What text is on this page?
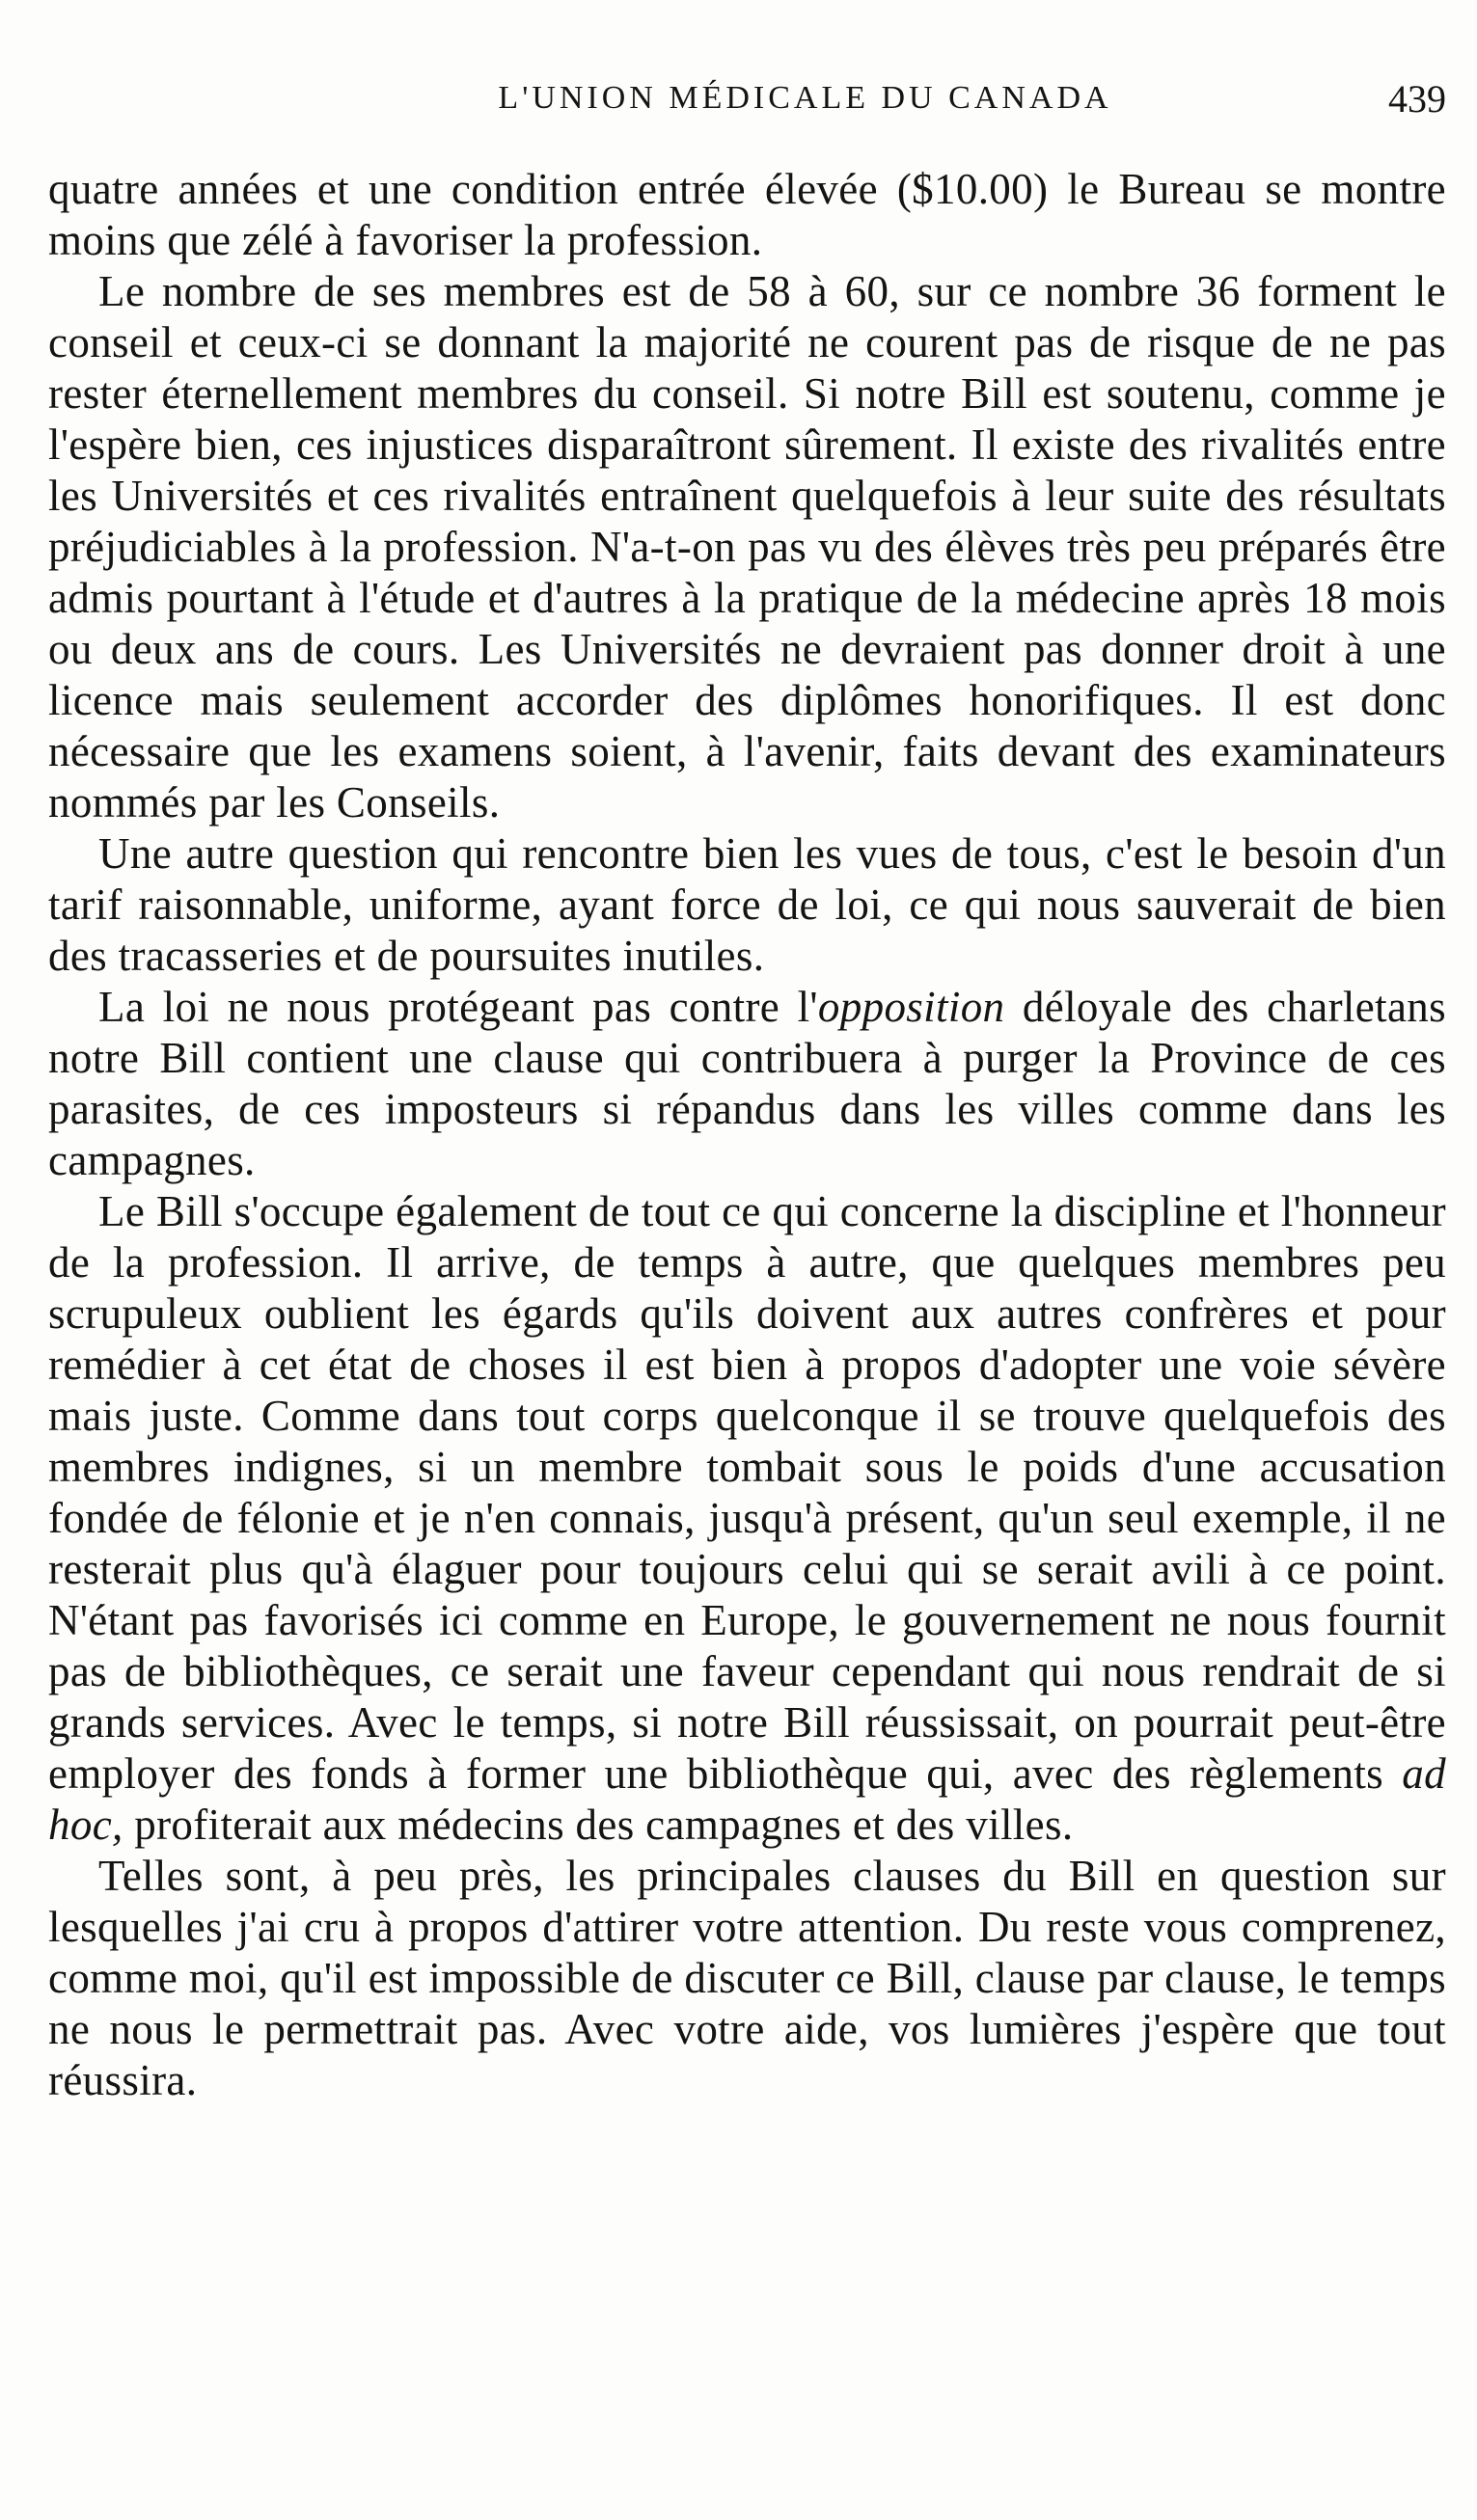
L'UNION MÉDICALE DU CANADA	439

quatre années et une condition entrée élevée ($10.00) le Bureau se montre moins que zélé à favoriser la profession.

Le nombre de ses membres est de 58 à 60, sur ce nombre 36 forment le conseil et ceux-ci se donnant la majorité ne courent pas de risque de ne pas rester éternellement membres du conseil. Si notre Bill est soutenu, comme je l'espère bien, ces injustices disparaîtront sûrement. Il existe des rivalités entre les Universités et ces rivalités entraînent quelquefois à leur suite des résultats préjudiciables à la profession. N'a-t-on pas vu des élèves très peu préparés être admis pourtant à l'étude et d'autres à la pratique de la médecine après 18 mois ou deux ans de cours. Les Universités ne devraient pas donner droit à une licence mais seulement accorder des diplômes honorifiques. Il est donc nécessaire que les examens soient, à l'avenir, faits devant des examinateurs nommés par les Conseils.

Une autre question qui rencontre bien les vues de tous, c'est le besoin d'un tarif raisonnable, uniforme, ayant force de loi, ce qui nous sauverait de bien des tracasseries et de poursuites inutiles.

La loi ne nous protégeant pas contre l'opposition déloyale des charletans notre Bill contient une clause qui contribuera à purger la Province de ces parasites, de ces imposteurs si répandus dans les villes comme dans les campagnes.

Le Bill s'occupe également de tout ce qui concerne la discipline et l'honneur de la profession. Il arrive, de temps à autre, que quelques membres peu scrupuleux oublient les égards qu'ils doivent aux autres confrères et pour remédier à cet état de choses il est bien à propos d'adopter une voie sévère mais juste. Comme dans tout corps quelconque il se trouve quelquefois des membres indignes, si un membre tombait sous le poids d'une accusation fondée de félonie et je n'en connais, jusqu'à présent, qu'un seul exemple, il ne resterait plus qu'à élaguer pour toujours celui qui se serait avili à ce point. N'étant pas favorisés ici comme en Europe, le gouvernement ne nous fournit pas de bibliothèques, ce serait une faveur cependant qui nous rendrait de si grands services. Avec le temps, si notre Bill réussissait, on pourrait peut-être employer des fonds à former une bibliothèque qui, avec des règlements ad hoc, profiterait aux médecins des campagnes et des villes.

Telles sont, à peu près, les principales clauses du Bill en question sur lesquelles j'ai cru à propos d'attirer votre attention. Du reste vous comprenez, comme moi, qu'il est impossible de discuter ce Bill, clause par clause, le temps ne nous le permettrait pas. Avec votre aide, vos lumières j'espère que tout réussira.
